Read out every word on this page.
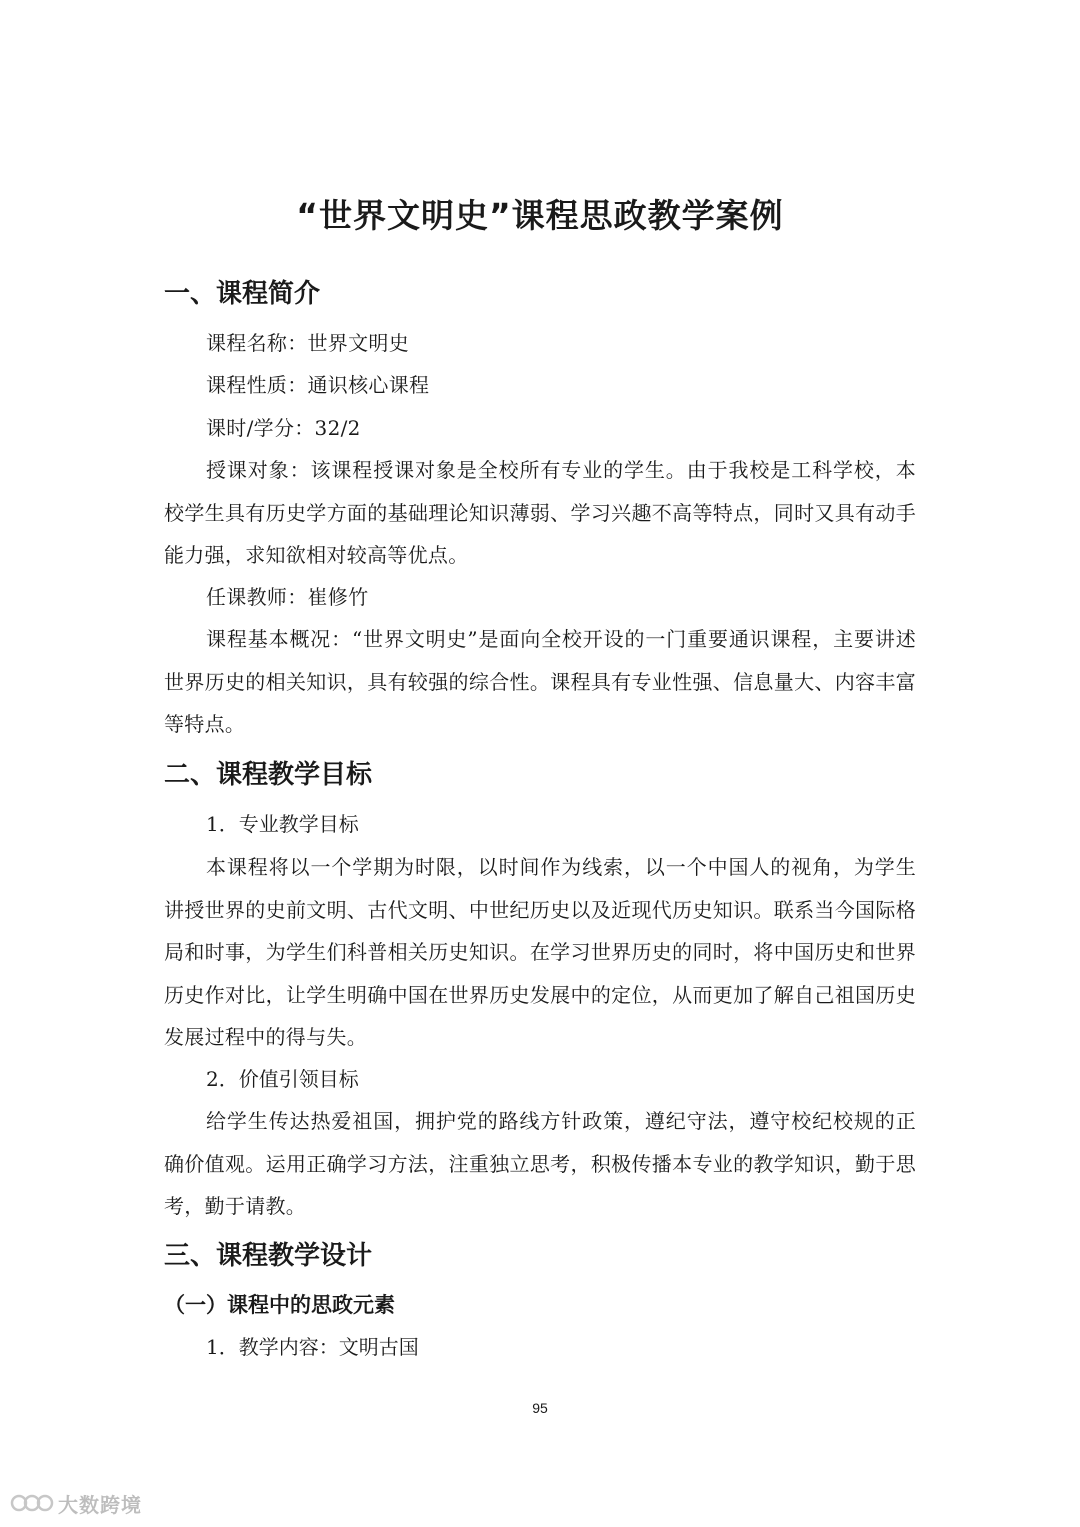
“世界文明史”课程思政教学案例
一、课程简介

课程名称：世界文明史

课程性质：通识核心课程

课时/学分：32/2

授课对象：该课程授课对象是全校所有专业的学生。由于我校是工科学校，本校学生具有历史学方面的基础理论知识薄弱、学习兴趣不高等特点，同时又具有动手能力强，求知欲相对较高等优点。

任课教师：崔修竹

课程基本概况：“世界文明史”是面向全校开设的一门重要通识课程，主要讲述世界历史的相关知识，具有较强的综合性。课程具有专业性强、信息量大、内容丰富等特点。

二、课程教学目标

1．专业教学目标

本课程将以一个学期为时限，以时间作为线索，以一个中国人的视角，为学生讲授世界的史前文明、古代文明、中世纪历史以及近现代历史知识。联系当今国际格局和时事，为学生们科普相关历史知识。在学习世界历史的同时，将中国历史和世界历史作对比，让学生明确中国在世界历史发展中的定位，从而更加了解自己祖国历史发展过程中的得与失。

2．价值引领目标

给学生传达热爱祖国，拥护党的路线方针政策，遵纪守法，遵守校纪校规的正确价值观。运用正确学习方法，注重独立思考，积极传播本专业的教学知识，勤于思考，勤于请教。

三、课程教学设计
（一）课程中的思政元素

1．教学内容：文明古国

95
大数跨境
